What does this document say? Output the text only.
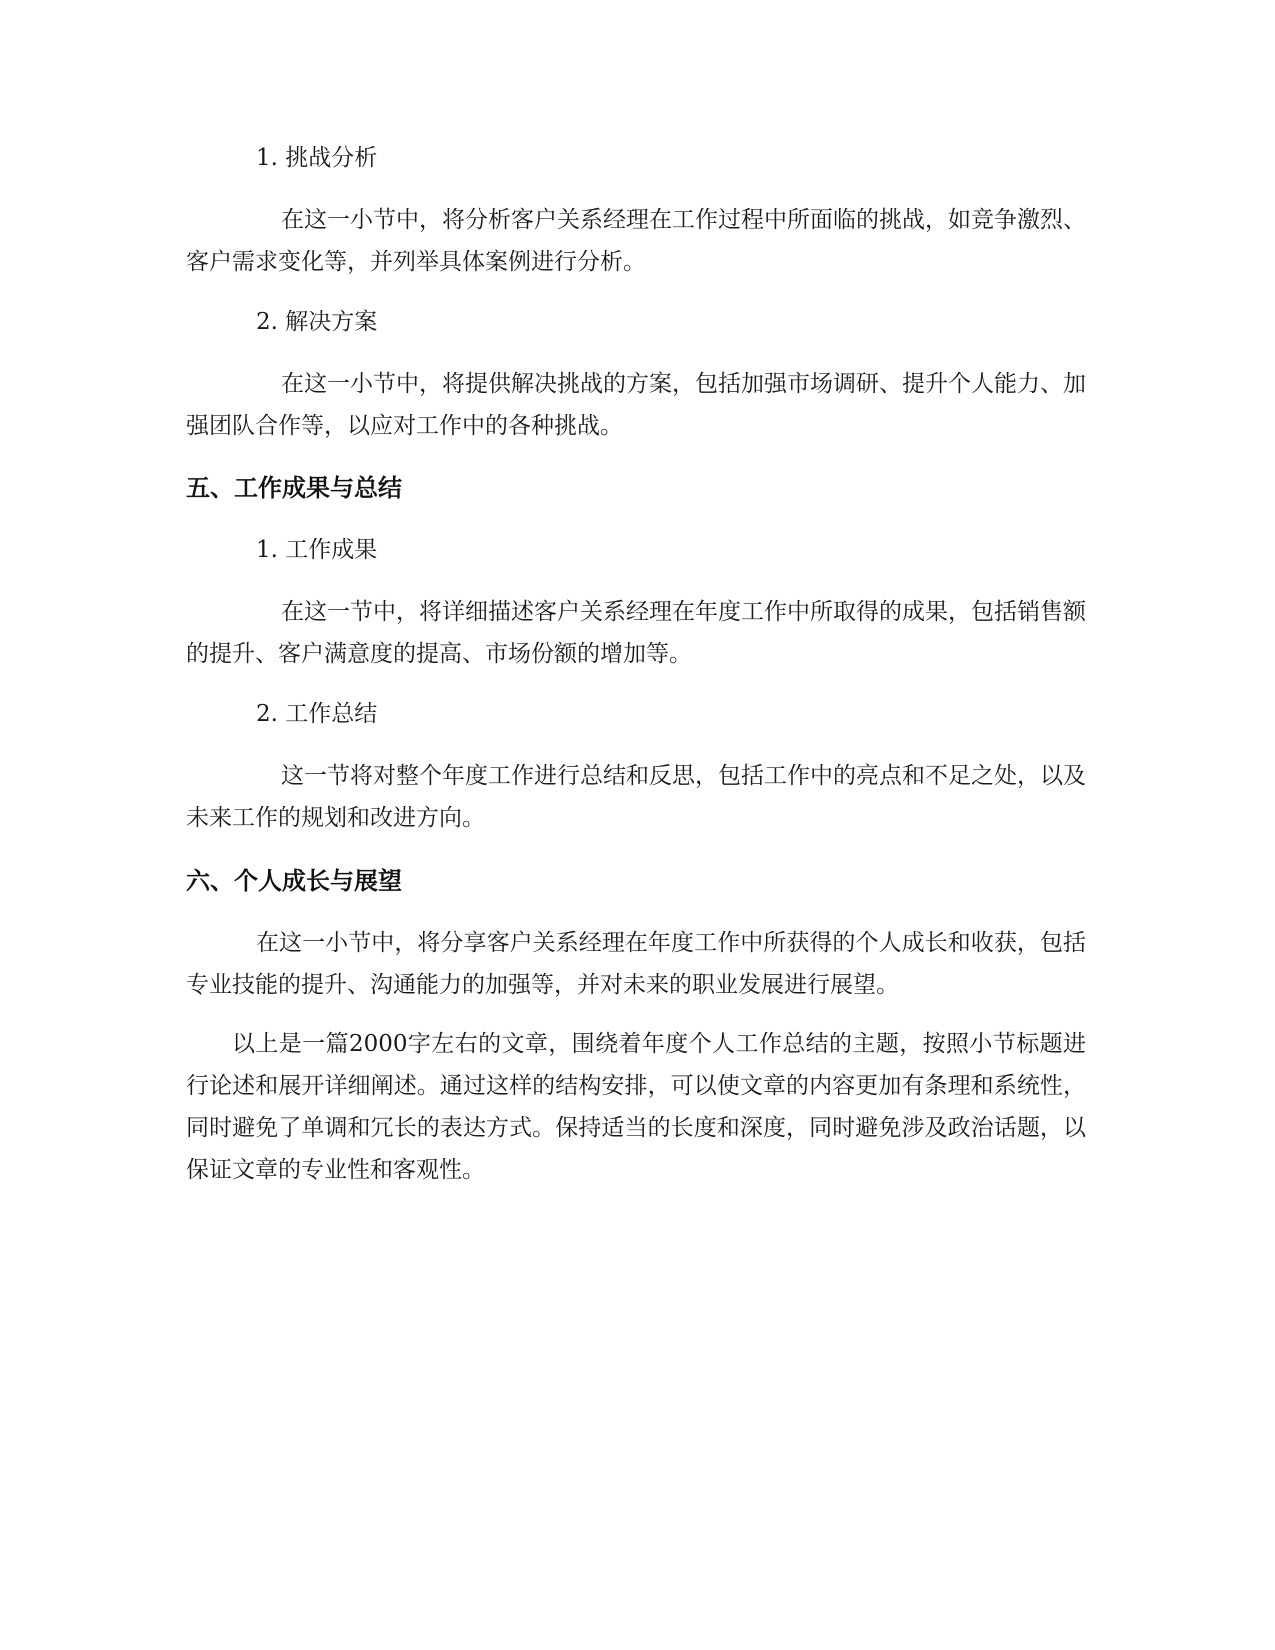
1. 挑战分析

在这一小节中，将分析客户关系经理在工作过程中所面临的挑战，如竞争激烈、客户需求变化等，并列举具体案例进行分析。

2. 解决方案

在这一小节中，将提供解决挑战的方案，包括加强市场调研、提升个人能力、加强团队合作等，以应对工作中的各种挑战。

五、工作成果与总结
1. 工作成果

在这一节中，将详细描述客户关系经理在年度工作中所取得的成果，包括销售额的提升、客户满意度的提高、市场份额的增加等。

2. 工作总结

这一节将对整个年度工作进行总结和反思，包括工作中的亮点和不足之处，以及未来工作的规划和改进方向。

六、个人成长与展望

在这一小节中，将分享客户关系经理在年度工作中所获得的个人成长和收获，包括专业技能的提升、沟通能力的加强等，并对未来的职业发展进行展望。

以上是一篇2000字左右的文章，围绕着年度个人工作总结的主题，按照小节标题进行论述和展开详细阐述。通过这样的结构安排，可以使文章的内容更加有条理和系统性，同时避免了单调和冗长的表达方式。保持适当的长度和深度，同时避免涉及政治话题，以保证文章的专业性和客观性。
